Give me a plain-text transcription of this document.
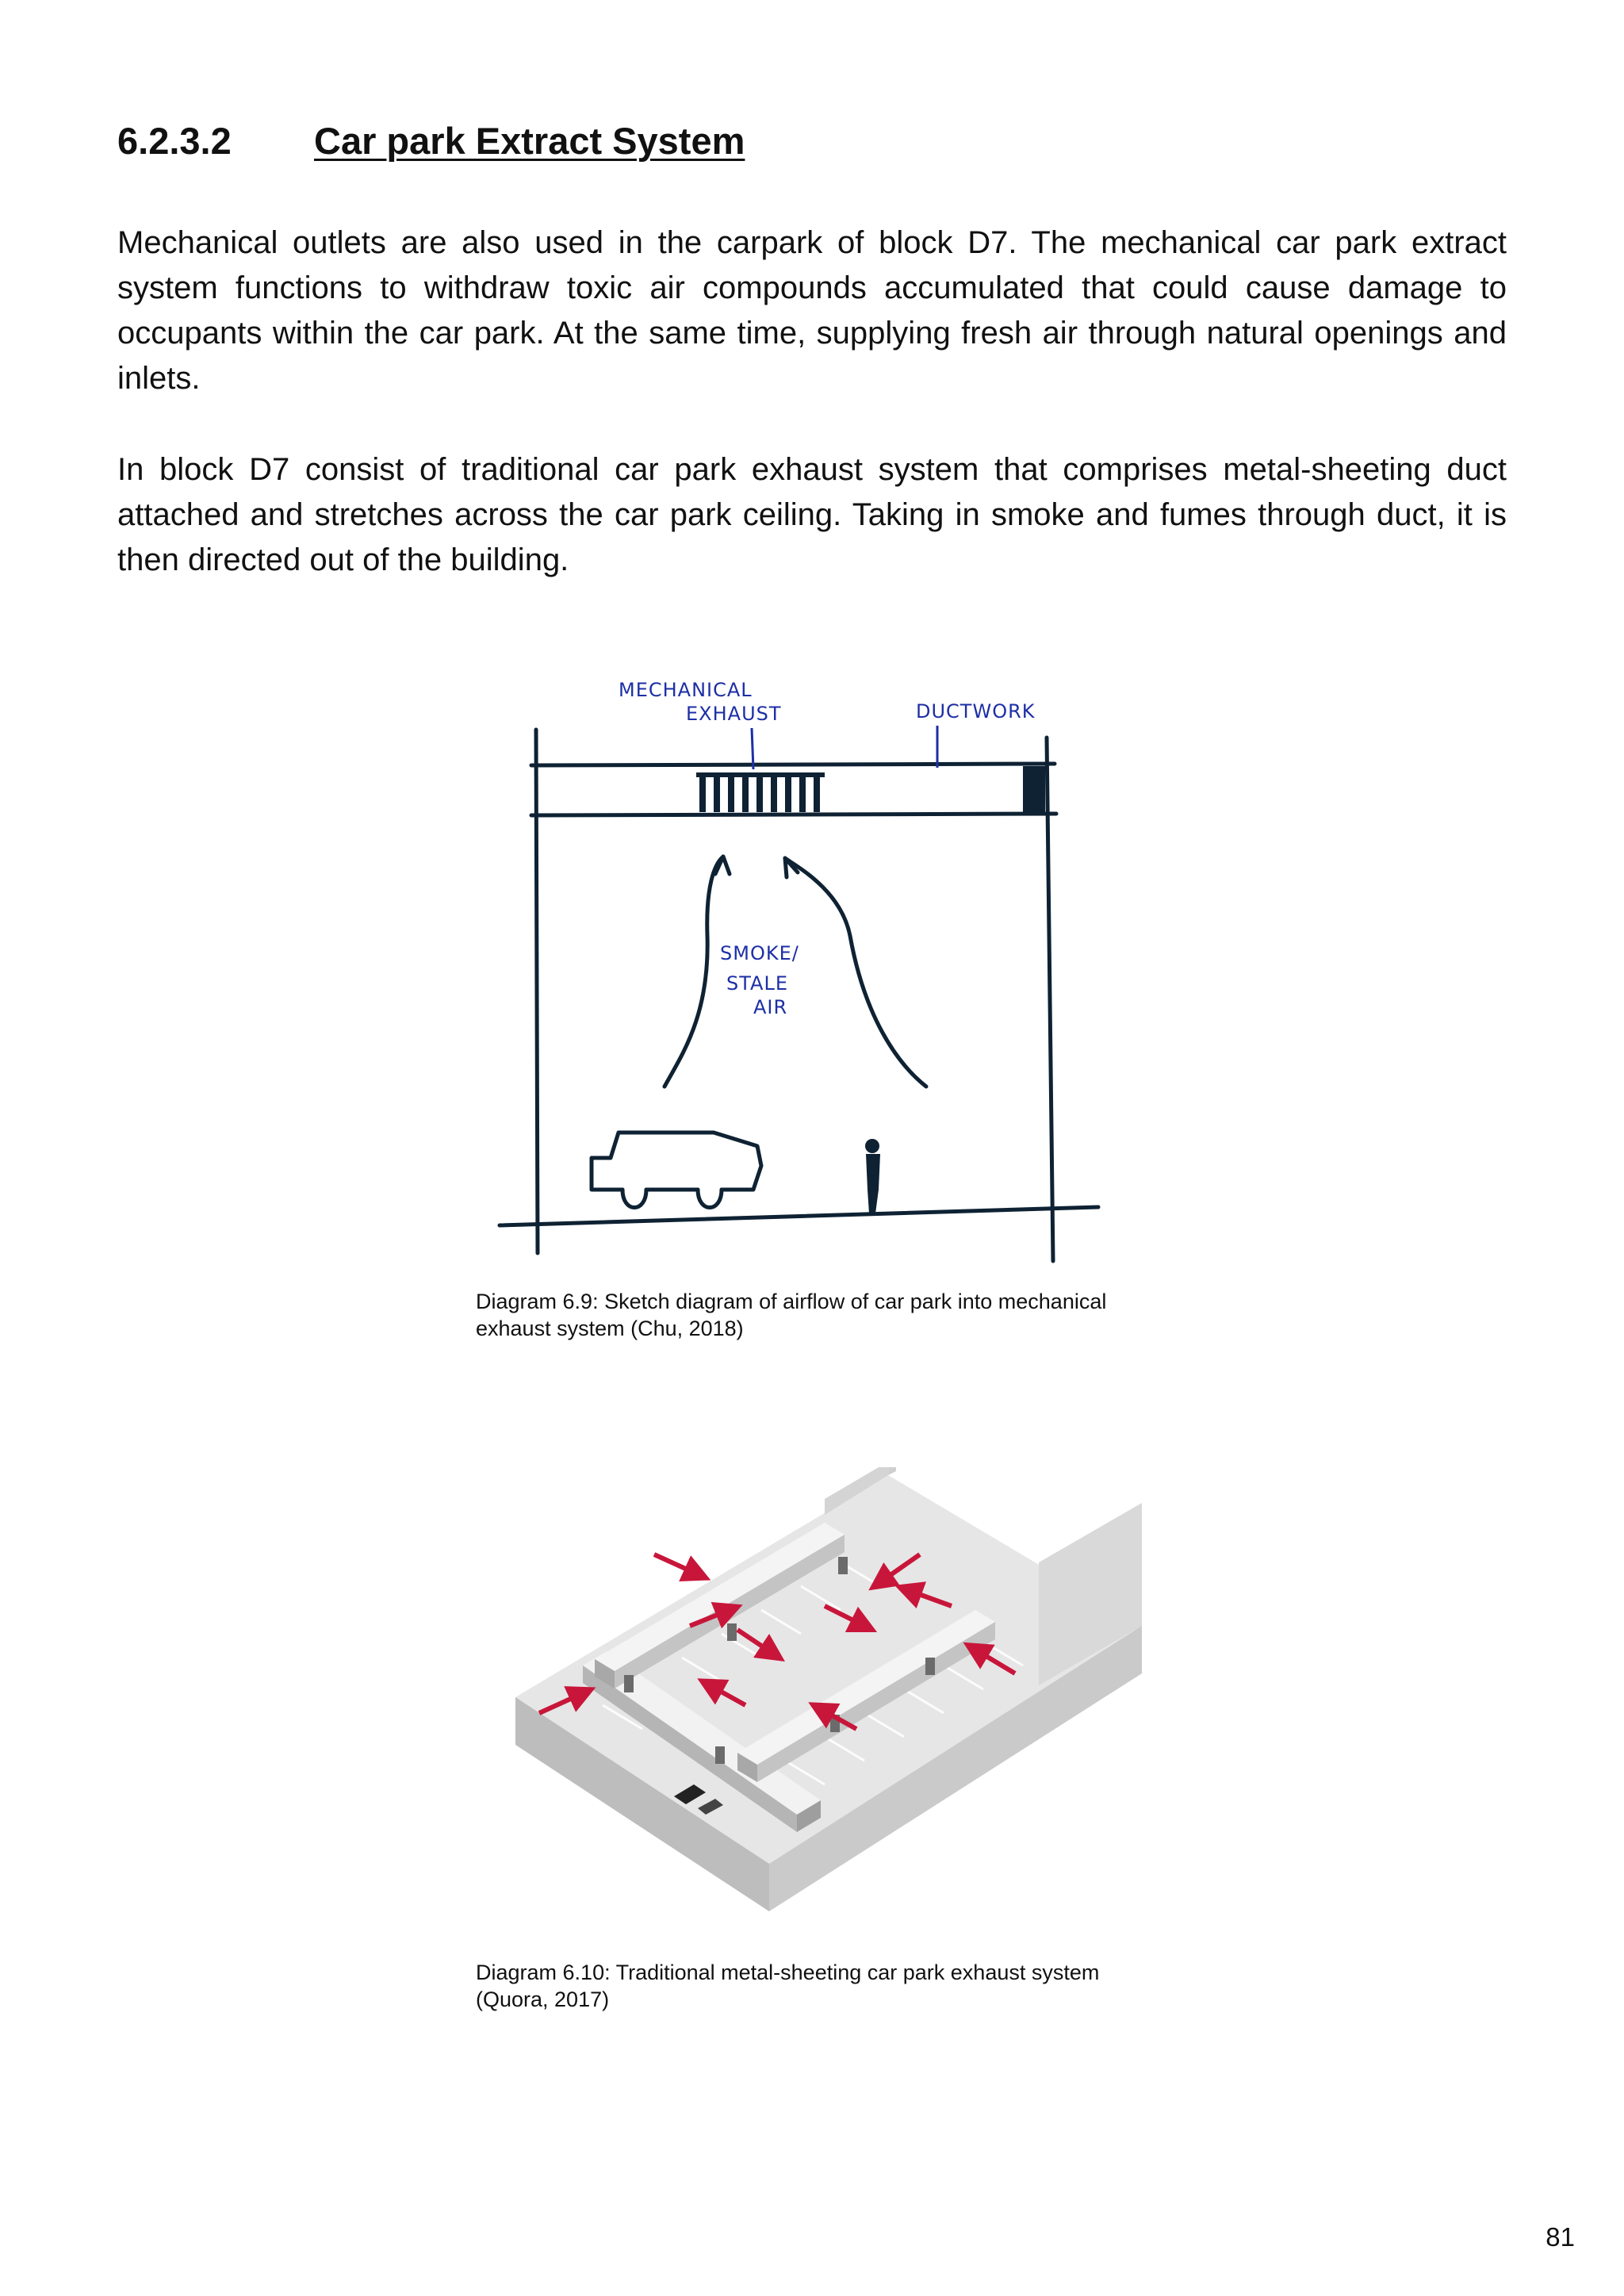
6.2.3.2	Car park Extract System

Mechanical outlets are also used in the carpark of block D7. The mechanical car park extract system functions to withdraw toxic air compounds accumulated that could cause damage to occupants within the car park. At the same time, supplying fresh air through natural openings and inlets.

In block D7 consist of traditional car park exhaust system that comprises metal-sheeting duct attached and stretches across the car park ceiling. Taking in smoke and fumes through duct, it is then directed out of the building.

MECHANICAL
EXHAUST	DUCTWORK
SMOKE/
STALE
AIR

Diagram 6.9: Sketch diagram of airflow of car park into mechanical exhaust system (Chu, 2018)

Diagram 6.10: Traditional metal-sheeting car park exhaust system (Quora, 2017)

81
